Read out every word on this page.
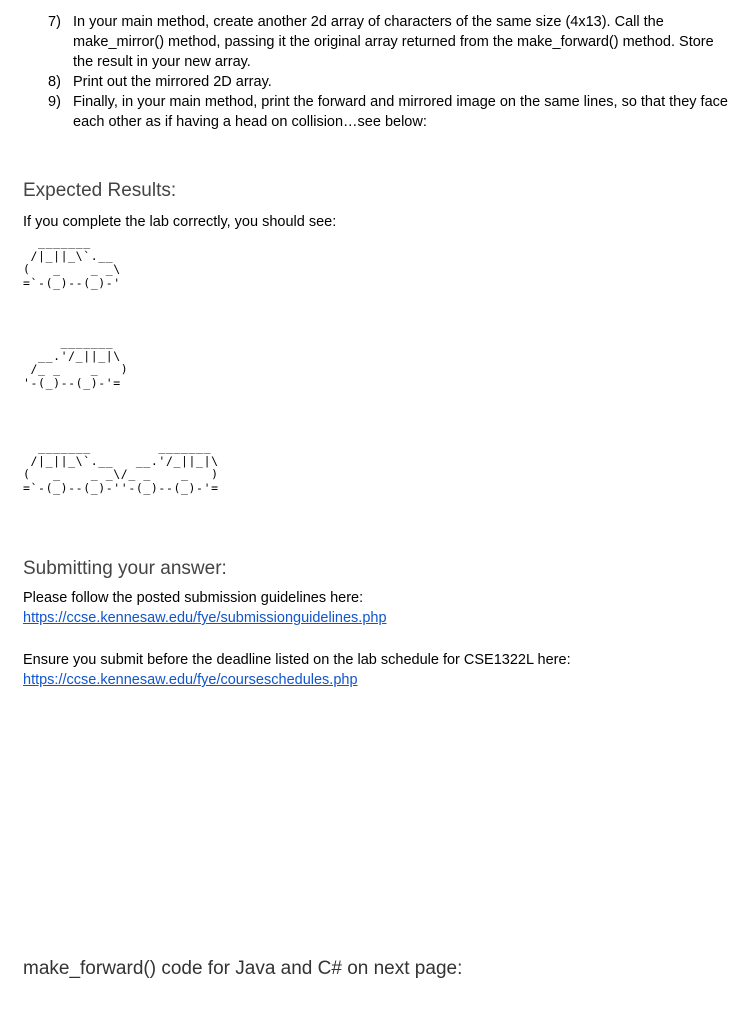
7) In your main method, create another 2d array of characters of the same size (4x13). Call the make_mirror() method, passing it the original array returned from the make_forward() method. Store the result in your new array.
8) Print out the mirrored 2D array.
9) Finally, in your main method, print the forward and mirrored image on the same lines, so that they face each other as if having a head on collision…see below:
Expected Results:

If you complete the lab correctly, you should see:

_______
/|_||_\`.__
(   _    _ _\
=`-(_)--(_)-'
_______
__.'/_||_|\
/_ _    _   )
'-(_)--(_)-'=
_______         _______
/|_||_\`.__   __.'/_||_|\
(   _    _ _\/_ _    _   )
=`-(_)--(_)-''-(_)--(_)-'=
Submitting your answer:

Please follow the posted submission guidelines here:

https://ccse.kennesaw.edu/fye/submissionguidelines.php

Ensure you submit before the deadline listed on the lab schedule for CSE1322L here:

https://ccse.kennesaw.edu/fye/courseschedules.php

make_forward() code for Java and C# on next page:
